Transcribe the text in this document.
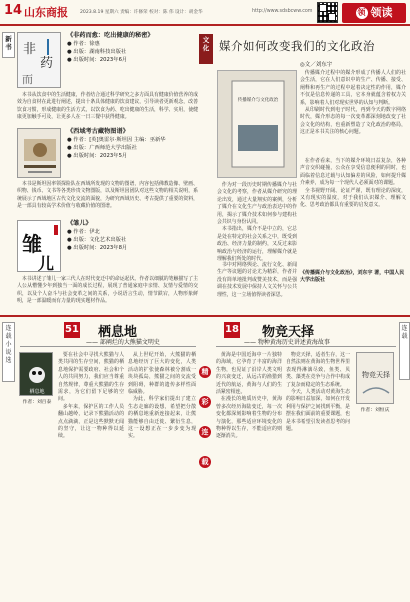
14 山东商报	2023.8.19 星期六 责编：许修荣 校对：陈 伟 设计：胡金华	http://www.sdsbcww.com	领 领读
新书
文化
非
药
而
《非药而愈：吃出健康的秘密》
● 作者：徐惠
● 出版：湖南科技出版社
● 出版时间：2023年6月
本书从饮食中的生活健康，作者结合通过科学研究之多方面具有健康价值营养的成效为自食材在此进行阐述，提出十条具体健康的饮食建议，引导读者更新观念，改善饮食习惯，形成健康的生活方式，以饮食为药、吃出健康的生活，科学、实用，使健康更加触手可及，让更多人在一日三餐中获得健康。
《西域考古藏物图谱》
● 作者：[英]奥雷尔·斯坦因 主编：巫新华
● 出版：广西师范大学出版社
● 出版时间：2023年5月
本书是斯坦因率领探险队在西域所发现的文物的图谱，内容包括佛教造像、壁画、织物、钱币、文书等各类珍贵文物图版，以及斯坦因团队对这些文物的相关说明，系统展示了西域地区古代文化交流的面貌，为研究西域历史、考古提供了重要的资料，是一部具有较高学术价值与收藏价值的图谱。
雏
儿
《雏儿》
● 作者：伊北
● 出版：文化艺术出版社
● 出版时间：2023年8月
本书讲述了雏儿一家三代人在时代变迁中的命运起伏。作者以细腻的笔触描写了主人公从懵懂少年到独当一面的成长过程，展现了普通家庭中亲情、友情与爱情的交织，以及个人奋斗与社会变革之间的关系，小说语言生动，情节跌宕，人物形象鲜明，是一部温暖而有力量的现实题材作品。
媒介如何改变我们的文化政治
◎文／刘东宇
传播媒介与文化政治

传播媒介过程中的媒介形成了传播人人们的社会生活，它在人们意识中的生产、传播、接受、阐释和再生产的过程中起着决定性的作用，媒介不仅是信息传递的工具，它本身就蕴含着权力关系，影响着人们对现实世界的认知与判断。

从印刷时代到电子时代，再到今天的数字网络时代，媒介形态的每一次变革都深刻地改变了社会文化的结构，也重新塑造了文化政治的格局，这正是本书关注的核心问题。

作为对一段历史时期传播媒介与社会文化的考察，作者从媒介研究的理论出发，通过大量翔实的案例，分析了媒介在文化生产与政治表达中的作用，揭示了媒介技术如何参与建构社会共识与身份认同。

本书指出，媒介不是中立的，它总是处在特定的社会关系之中，既受到政治、经济力量的制约，又反过来影响政治与经济的运行，理解媒介就是理解我们所处的时代。

在作者看来，当下的媒介环境日益复杂，各种声音交织碰撞，公众在享受信息便利的同时，也面临着信息过载与认知偏差的风险，如何提升媒介素养，成为每一个现代人必须面对的课题。

全书视野开阔、论证严谨，既有理论的深度，又有现实的温度，对于我们认识媒介、理解文化、思考政治都具有重要的启发意义。

书中对网络舆论、流行文化、新闻生产等议题的讨论尤为精彩，作者并没有简单地批判或赞美技术，而是强调在技术发展中保持人文关怀与公共理性，这一立场值得读者深思。

《传播媒介与文化政治》，刘东宇 著，中国人民大学出版社
连载小说选
连载
51 栖息地
—— 部阐烂的大熊猫文明史
栖息地
作者：刘百泰

要在社会中寻找大熊猫与人类共同的生存空间，熊猫的栖息地保护需要政府、社会和个人的共同努力，我们应当尊重自然规律，尊重大熊猫的生存需求，为它们留下足够的空间。

多年来，保护区的工作人员翻山越岭，记录下熊猫活动的点点滴滴，正是这些默默无闻的坚守，让这一物种得以延续。

从上世纪开始，大熊猫的栖息地经历了巨大的变化，人类活动的扩张使森林被分割成一块块孤岛，熊猫之间的交流受到阻碍，种群的遗传多样性面临威胁。

为此，科学家们提出了建立生态走廊的设想，希望把分散的栖息地重新连接起来，让熊猫能够自由迁徙、繁衍生息，这一设想正在一步步变为现实。

精
彩
连
载
18 物竞天择
—— 物种黄海历史讲述黄海故事

黄海是中国近海中一片独特的海域，它孕育了丰富的海洋生物，也见证了沿岸人类文明的兴衰变迁，从远古的渔猎到近代的航运，黄海与人们的生活紧密相连。

在漫长的地质历史中，黄海曾多次经历海陆变迁，每一次变化都深刻影响着生物的分布与演化，那些适应环境变化的物种得以生存，不能适应的则逐渐消失。

物竞天择，适者生存，这一自然法则在黄海的生物世界里表现得淋漓尽致，鱼类、贝类、藻类在竞争与合作中构成了复杂而稳定的生态系统。

今天，人类活动对黄海生态的影响日益加深，如何在开发利用与保护之间找到平衡，是摆在我们面前的重要课题，也是本书希望引发读者思考的问题。

物竞天择
作者：刘恒庆
